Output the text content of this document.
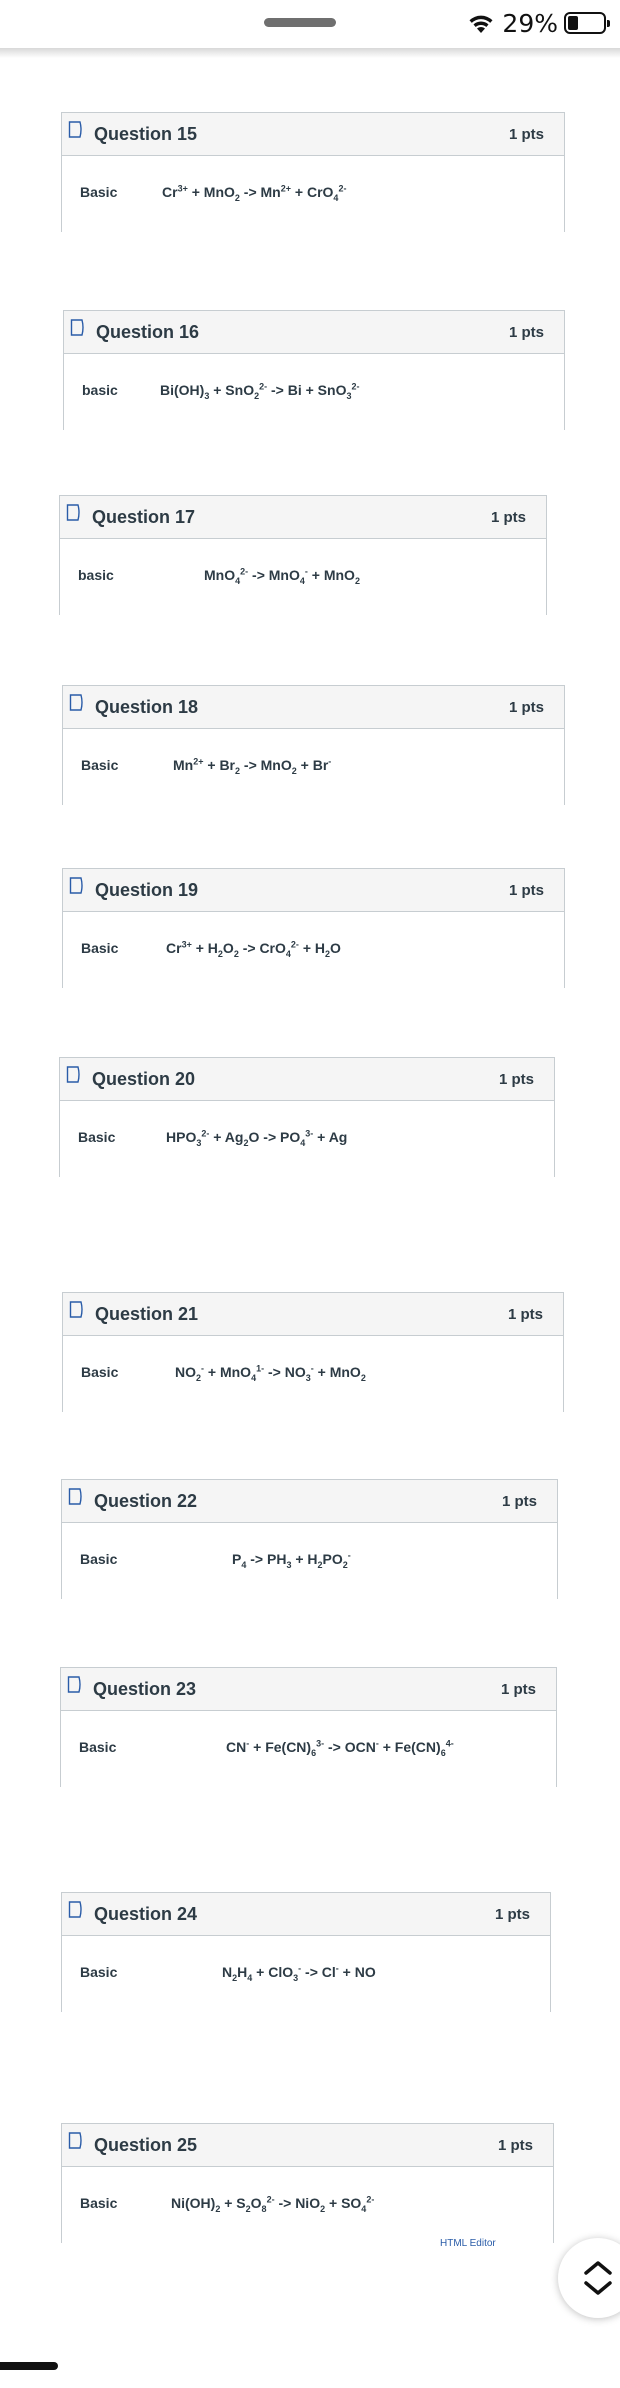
29%
Question 15	1 pts
Basic	$Cr^{3+} + MnO_2 -> Mn^{2+} + CrO_4^{2-}$
Question 16	1 pts
basic	$Bi(OH)_3 + SnO_2^{2-} -> Bi + SnO_3^{2-}$
Question 17	1 pts
basic	MnO$_4^{2-}$ -> MnO$_4$- + MnO$_2$
Question 18	1 pts
Basic	$Mn^{2+} + Br_2 -> MnO_2 + Br^-$
Question 19	1 pts
Basic	$Cr^{3+} + H_2O_2 -> CrO_4^{2-} + H_2O$
Question 20	1 pts
Basic	$HPO_3^{2-} + Ag_2O -> PO_4^{3-} + Ag$
Question 21	1 pts
Basic	$NO_2^- + MnO_4^{1-} -> NO_3^- + MnO_2$
Question 22	1 pts
Basic	$P_4 -> PH_3 + H_2PO_2^-$
Question 23	1 pts
Basic	$CN^- + Fe(CN)_6^{3-} -> OCN^- + Fe(CN)_6^{4-}$
Question 24	1 pts
Basic	$N_2H_4 + ClO_3^- -> Cl^-$ + NO
Question 25	1 pts
Basic	$Ni(OH)_2 + S_2O_8^{2-} -> NiO_2 + SO_4^{2-}$
HTML Editor
